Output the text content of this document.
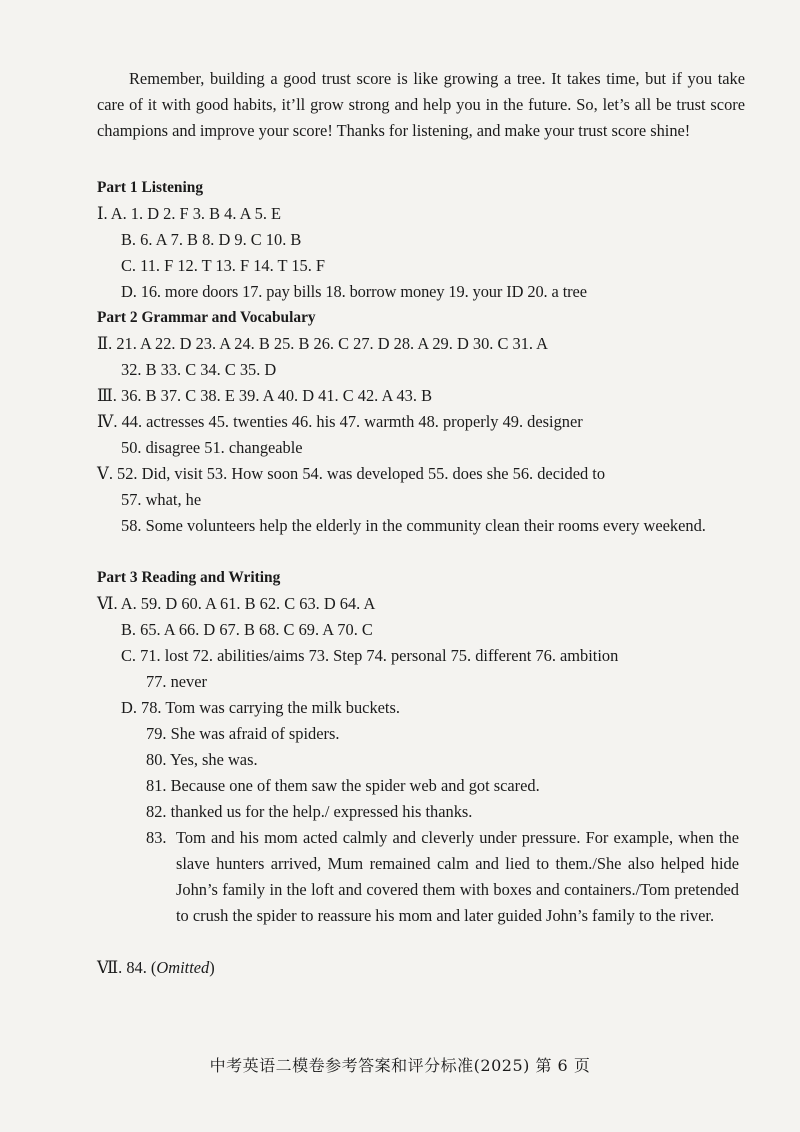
Remember, building a good trust score is like growing a tree. It takes time, but if you take care of it with good habits, it’ll grow strong and help you in the future. So, let’s all be trust score champions and improve your score! Thanks for listening, and make your trust score shine!

Part 1 Listening
Ⅰ. A. 1. D 2. F 3. B 4. A 5. E
B. 6. A 7. B 8. D 9. C 10. B
C. 11. F 12. T 13. F 14. T 15. F
D. 16. more doors 17. pay bills 18. borrow money 19. your ID 20. a tree
Part 2 Grammar and Vocabulary
Ⅱ. 21. A 22. D 23. A 24. B 25. B 26. C 27. D 28. A 29. D 30. C 31. A
32. B 33. C 34. C 35. D
Ⅲ. 36. B 37. C 38. E 39. A 40. D 41. C 42. A 43. B
Ⅳ. 44. actresses 45. twenties 46. his 47. warmth 48. properly 49. designer
50. disagree 51. changeable
Ⅴ. 52. Did, visit 53. How soon 54. was developed 55. does she 56. decided to
57. what, he
58. Some volunteers help the elderly in the community clean their rooms every weekend.
Part 3 Reading and Writing
Ⅵ. A. 59. D 60. A 61. B 62. C 63. D 64. A
B. 65. A 66. D 67. B 68. C 69. A 70. C
C. 71. lost 72. abilities/aims 73. Step 74. personal 75. different 76. ambition
77. never
D. 78. Tom was carrying the milk buckets.
79. She was afraid of spiders.
80. Yes, she was.
81. Because one of them saw the spider web and got scared.
82. thanked us for the help./ expressed his thanks.
83. Tom and his mom acted calmly and cleverly under pressure. For example, when the slave hunters arrived, Mum remained calm and lied to them./She also helped hide John’s family in the loft and covered them with boxes and containers./Tom pretended to crush the spider to reassure his mom and later guided John’s family to the river.
Ⅶ. 84. (Omitted)
中考英语二模卷参考答案和评分标准(2025) 第 6 页
